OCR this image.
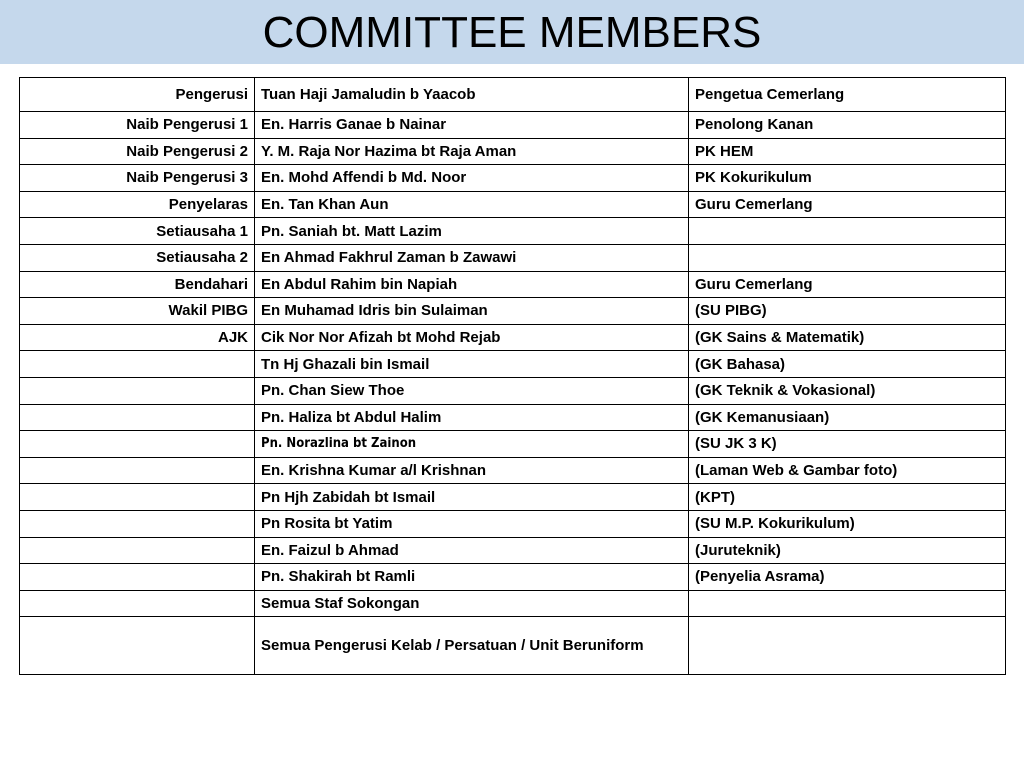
COMMITTEE MEMBERS
Pengerusi	Tuan Haji Jamaludin b Yaacob	Pengetua Cemerlang
Naib Pengerusi 1	En. Harris Ganae b Nainar	Penolong Kanan
Naib Pengerusi 2	Y. M. Raja Nor Hazima bt Raja Aman	PK HEM
Naib Pengerusi 3	En. Mohd Affendi b Md. Noor	PK Kokurikulum
Penyelaras	En. Tan Khan Aun	Guru Cemerlang
Setiausaha 1	Pn. Saniah bt. Matt Lazim	
Setiausaha 2	En Ahmad Fakhrul Zaman b Zawawi	
Bendahari	En Abdul Rahim bin Napiah	Guru Cemerlang
Wakil PIBG	En Muhamad Idris bin Sulaiman	(SU PIBG)
AJK	Cik Nor Nor Afizah bt Mohd Rejab	(GK Sains & Matematik)
	Tn Hj Ghazali bin Ismail	(GK Bahasa)
	Pn. Chan Siew Thoe	(GK Teknik & Vokasional)
	Pn. Haliza bt Abdul Halim	(GK Kemanusiaan)
	Pn. Norazlina bt Zainon	(SU JK 3 K)
	En. Krishna Kumar a/l Krishnan	(Laman Web & Gambar foto)
	Pn Hjh Zabidah bt Ismail	(KPT)
	Pn Rosita bt Yatim	(SU M.P. Kokurikulum)
	En. Faizul b Ahmad	(Juruteknik)
	Pn. Shakirah bt Ramli	(Penyelia Asrama)
	Semua Staf Sokongan	
	Semua Pengerusi Kelab / Persatuan / Unit Beruniform	
